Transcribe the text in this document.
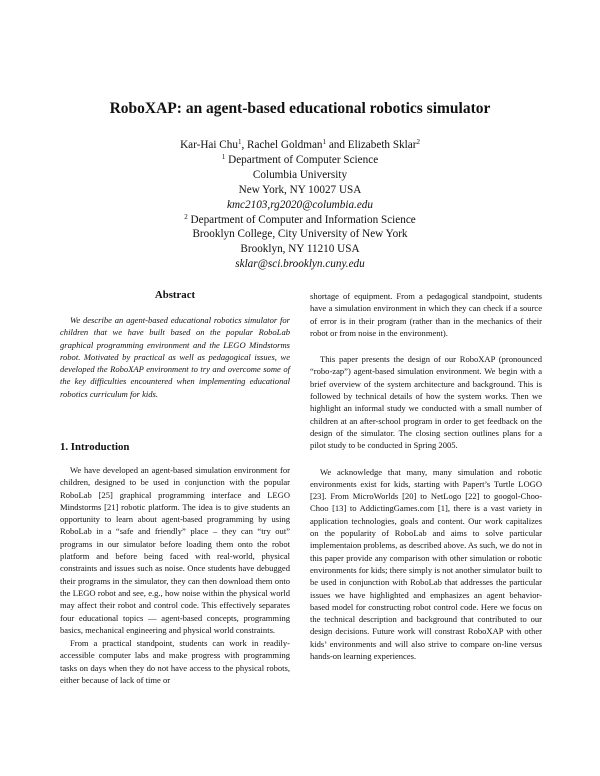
RoboXAP: an agent-based educational robotics simulator
Kar-Hai Chu$^1$, Rachel Goldman$^1$ and Elizabeth Sklar$^2$
$^1$ Department of Computer Science
Columbia University
New York, NY 10027 USA
kmc2103,rg2020@columbia.edu
$^2$ Department of Computer and Information Science
Brooklyn College, City University of New York
Brooklyn, NY 11210 USA
sklar@sci.brooklyn.cuny.edu
Abstract

We describe an agent-based educational robotics simulator for children that we have built based on the popular RoboLab graphical programming environment and the LEGO Mindstorms robot. Motivated by practical as well as pedagogical issues, we developed the RoboXAP environment to try and overcome some of the key difficulties encountered when implementing educational robotics curriculum for kids.

1. Introduction

We have developed an agent-based simulation environment for children, designed to be used in conjunction with the popular RoboLab [25] graphical programming interface and LEGO Mindstorms [21] robotic platform. The idea is to give students an opportunity to learn about agent-based programming by using RoboLab in a “safe and friendly” place – they can “try out” programs in our simulator before loading them onto the robot platform and before being faced with real-world, physical constraints and issues such as noise. Once students have debugged their programs in the simulator, they can then download them onto the LEGO robot and see, e.g., how noise within the physical world may affect their robot and control code. This effectively separates four educational topics — agent-based concepts, programming basics, mechanical engineering and physical world constraints.

From a practical standpoint, students can work in readily-accessible computer labs and make progress with programming tasks on days when they do not have access to the physical robots, either because of lack of time or

shortage of equipment. From a pedagogical standpoint, students have a simulation environment in which they can check if a source of error is in their program (rather than in the mechanics of their robot or from noise in the environment).

This paper presents the design of our RoboXAP (pronounced “robo-zap”) agent-based simulation environment. We begin with a brief overview of the system architecture and background. This is followed by technical details of how the system works. Then we highlight an informal study we conducted with a small number of children at an after-school program in order to get feedback on the design of the simulator. The closing section outlines plans for a pilot study to be conducted in Spring 2005.

We acknowledge that many, many simulation and robotic environments exist for kids, starting with Papert’s Turtle LOGO [23]. From MicroWorlds [20] to NetLogo [22] to googol-Choo-Choo [13] to AddictingGames.com [1], there is a vast variety in application technologies, goals and content. Our work capitalizes on the popularity of RoboLab and aims to solve particular implementaion problems, as described above. As such, we do not in this paper provide any comparison with other simulation or robotic environments for kids; there simply is not another simulator built to be used in conjunction with RoboLab that addresses the particular issues we have highlighted and emphasizes an agent behavior-based model for constructing robot control code. Here we focus on the technical description and background that contributed to our design decisions. Future work will constrast RoboXAP with other kids’ environments and will also strive to compare on-line versus hands-on learning experiences.
